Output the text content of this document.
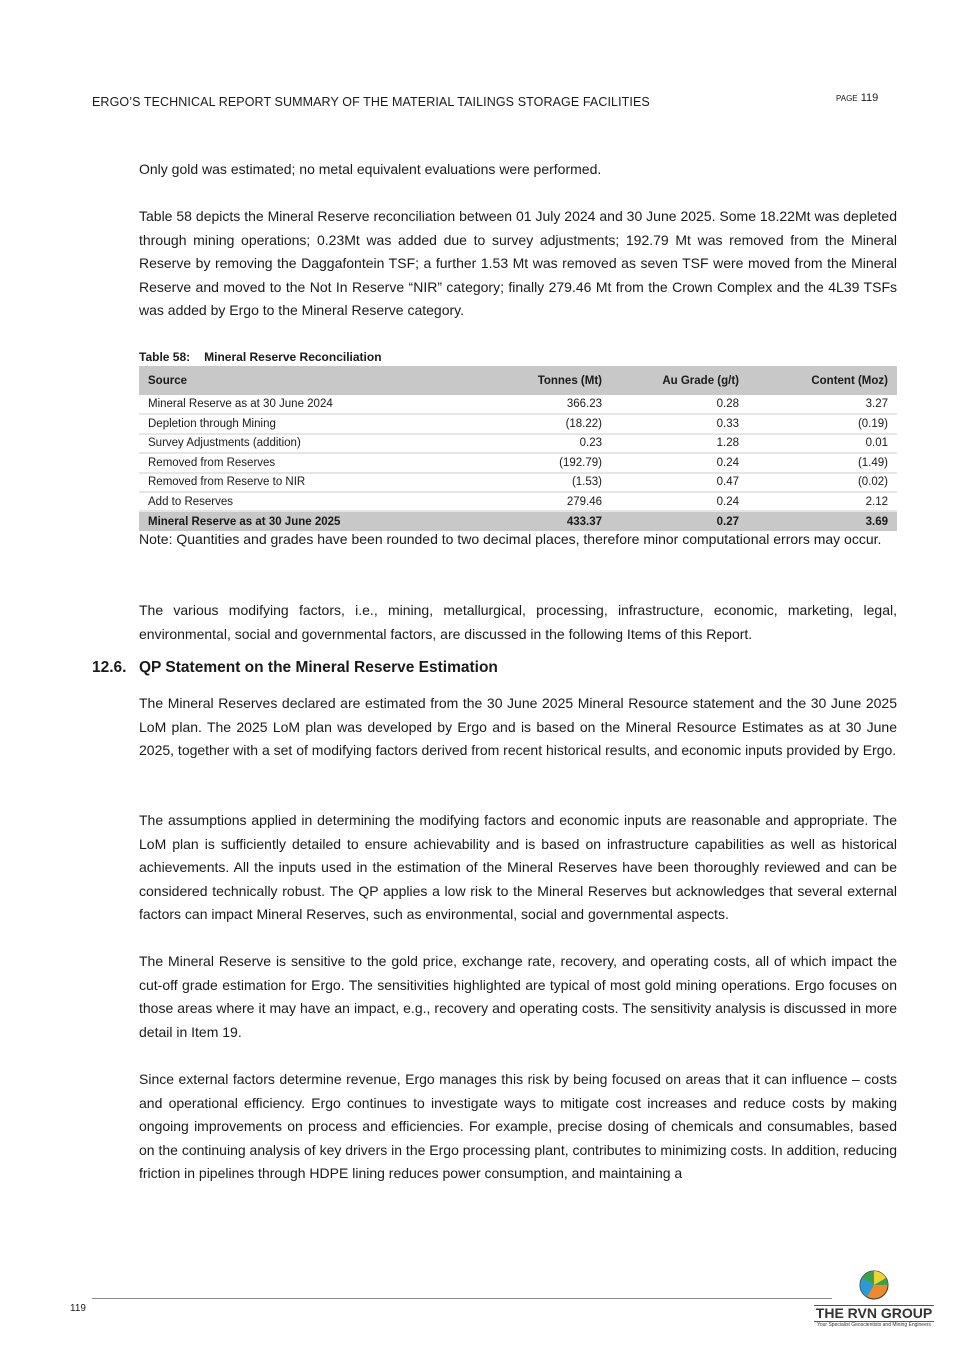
ERGO’S TECHNICAL REPORT SUMMARY OF THE MATERIAL TAILINGS STORAGE FACILITIES	PAGE 119

Only gold was estimated; no metal equivalent evaluations were performed.

Table 58 depicts the Mineral Reserve reconciliation between 01 July 2024 and 30 June 2025. Some 18.22Mt was depleted through mining operations; 0.23Mt was added due to survey adjustments; 192.79 Mt was removed from the Mineral Reserve by removing the Daggafontein TSF; a further 1.53 Mt was removed as seven TSF were moved from the Mineral Reserve and moved to the Not In Reserve “NIR” category; finally 279.46 Mt from the Crown Complex and the 4L39 TSFs was added by Ergo to the Mineral Reserve category.

Table 58: Mineral Reserve Reconciliation
Source	Tonnes (Mt)	Au Grade (g/t)	Content (Moz)
Mineral Reserve as at 30 June 2024	366.23	0.28	3.27
Depletion through Mining	(18.22)	0.33	(0.19)
Survey Adjustments (addition)	0.23	1.28	0.01
Removed from Reserves	(192.79)	0.24	(1.49)
Removed from Reserve to NIR	(1.53)	0.47	(0.02)
Add to Reserves	279.46	0.24	2.12
Mineral Reserve as at 30 June 2025	433.37	0.27	3.69

Note: Quantities and grades have been rounded to two decimal places, therefore minor computational errors may occur.

The various modifying factors, i.e., mining, metallurgical, processing, infrastructure, economic, marketing, legal, environmental, social and governmental factors, are discussed in the following Items of this Report.

12.6. QP Statement on the Mineral Reserve Estimation

The Mineral Reserves declared are estimated from the 30 June 2025 Mineral Resource statement and the 30 June 2025 LoM plan. The 2025 LoM plan was developed by Ergo and is based on the Mineral Resource Estimates as at 30 June 2025, together with a set of modifying factors derived from recent historical results, and economic inputs provided by Ergo.

The assumptions applied in determining the modifying factors and economic inputs are reasonable and appropriate. The LoM plan is sufficiently detailed to ensure achievability and is based on infrastructure capabilities as well as historical achievements. All the inputs used in the estimation of the Mineral Reserves have been thoroughly reviewed and can be considered technically robust. The QP applies a low risk to the Mineral Reserves but acknowledges that several external factors can impact Mineral Reserves, such as environmental, social and governmental aspects.

The Mineral Reserve is sensitive to the gold price, exchange rate, recovery, and operating costs, all of which impact the cut-off grade estimation for Ergo. The sensitivities highlighted are typical of most gold mining operations. Ergo focuses on those areas where it may have an impact, e.g., recovery and operating costs. The sensitivity analysis is discussed in more detail in Item 19.

Since external factors determine revenue, Ergo manages this risk by being focused on areas that it can influence – costs and operational efficiency. Ergo continues to investigate ways to mitigate cost increases and reduce costs by making ongoing improvements on process and efficiencies. For example, precise dosing of chemicals and consumables, based on the continuing analysis of key drivers in the Ergo processing plant, contributes to minimizing costs. In addition, reducing friction in pipelines through HDPE lining reduces power consumption, and maintaining a

119	THE RVN GROUP
Your Specialist Geoscientists and Mining Engineers
